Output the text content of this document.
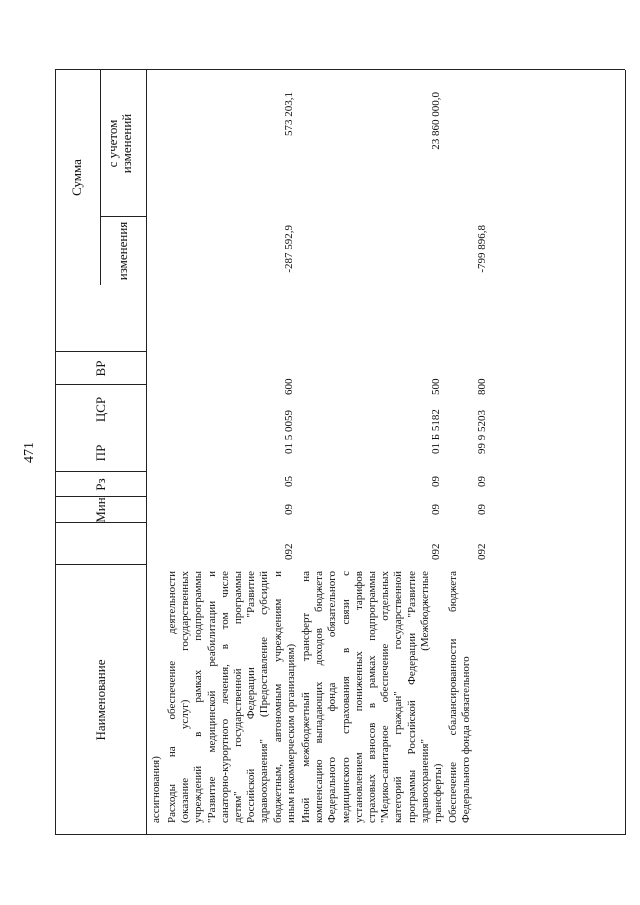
471
Наименование
Мин
Рз
ПР
ЦСР
ВР
Сумма
изменения
с учетом изменений
ассигнования) Расходы на обеспечение деятельности (оказание услуг) государственных учреждений в рамках подпрограммы "Развитие медицинской реабилитации и санаторно-курортного лечения, в том числе детям" государственной программы Российской Федерации "Развитие здравоохранения" (Предоставление субсидий бюджетным, автономным учреждениям и иным некоммерческим организациям)
092
09
05
01 5 0059
600
-287 592,9
573 203,1
Иной межбюджетный трансферт на компенсацию выпадающих доходов бюджета Федерального фонда обязательного медицинского страхования в связи с установлением пониженных тарифов страховых взносов в рамках подпрограммы "Медико-санитарное обеспечение отдельных категорий граждан" государственной программы Российской Федерации "Развитие здравоохранения" (Межбюджетные трансферты)
092
09
09
01 Б 5182
500
23 860 000,0
Обеспечение сбалансированности бюджета Федерального фонда обязательного
092
09
09
99 9 5203
800
-799 896,8
